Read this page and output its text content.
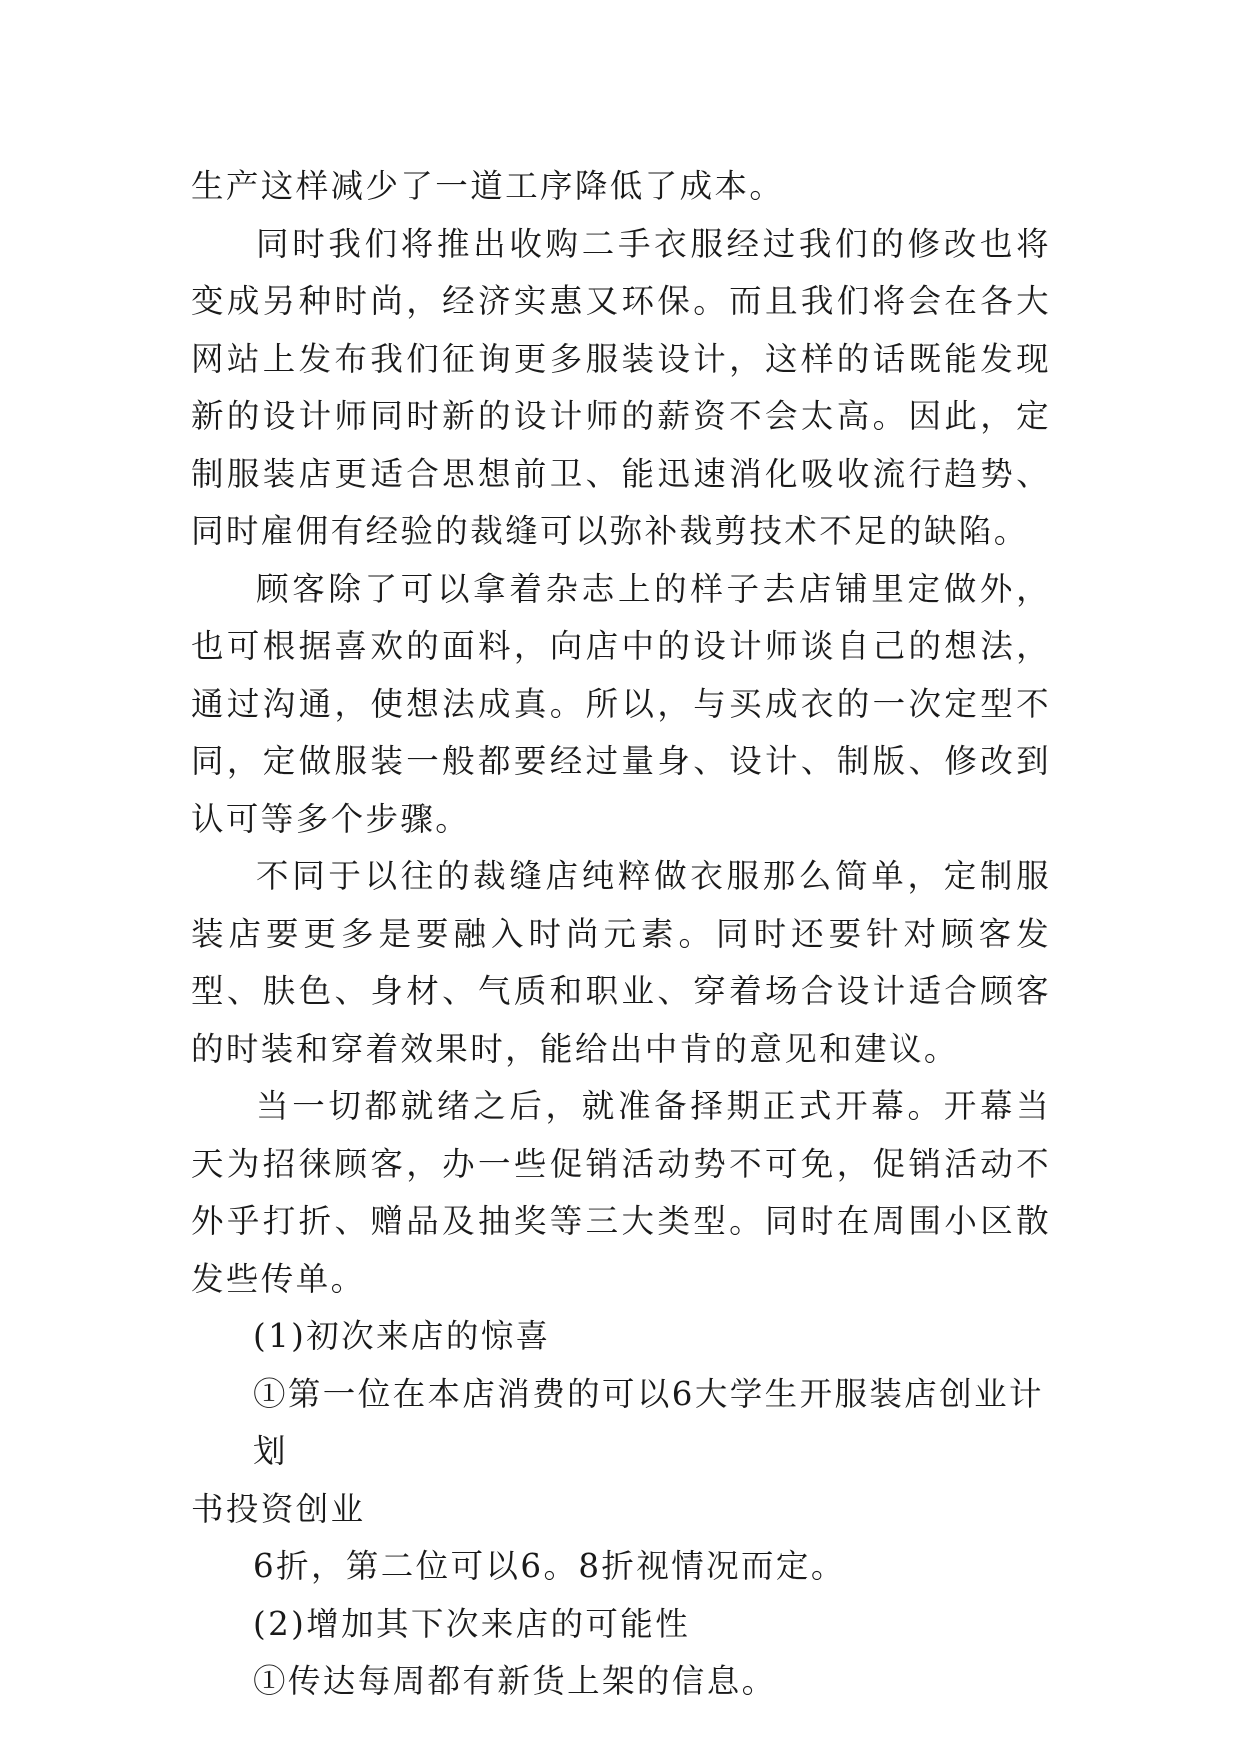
生产这样减少了一道工序降低了成本。

同时我们将推出收购二手衣服经过我们的修改也将变成另种时尚，经济实惠又环保。而且我们将会在各大网站上发布我们征询更多服装设计，这样的话既能发现新的设计师同时新的设计师的薪资不会太高。因此，定制服装店更适合思想前卫、能迅速消化吸收流行趋势、同时雇佣有经验的裁缝可以弥补裁剪技术不足的缺陷。

顾客除了可以拿着杂志上的样子去店铺里定做外，也可根据喜欢的面料，向店中的设计师谈自己的想法，通过沟通，使想法成真。所以，与买成衣的一次定型不同，定做服装一般都要经过量身、设计、制版、修改到认可等多个步骤。

不同于以往的裁缝店纯粹做衣服那么简单，定制服装店要更多是要融入时尚元素。同时还要针对顾客发型、肤色、身材、气质和职业、穿着场合设计适合顾客的时装和穿着效果时，能给出中肯的意见和建议。

当一切都就绪之后，就准备择期正式开幕。开幕当天为招徕顾客，办一些促销活动势不可免，促销活动不外乎打折、赠品及抽奖等三大类型。同时在周围小区散发些传单。

(1)初次来店的惊喜

①第一位在本店消费的可以6大学生开服装店创业计划

书投资创业

6折，第二位可以6。8折视情况而定。

(2)增加其下次来店的可能性

①传达每周都有新货上架的信息。
